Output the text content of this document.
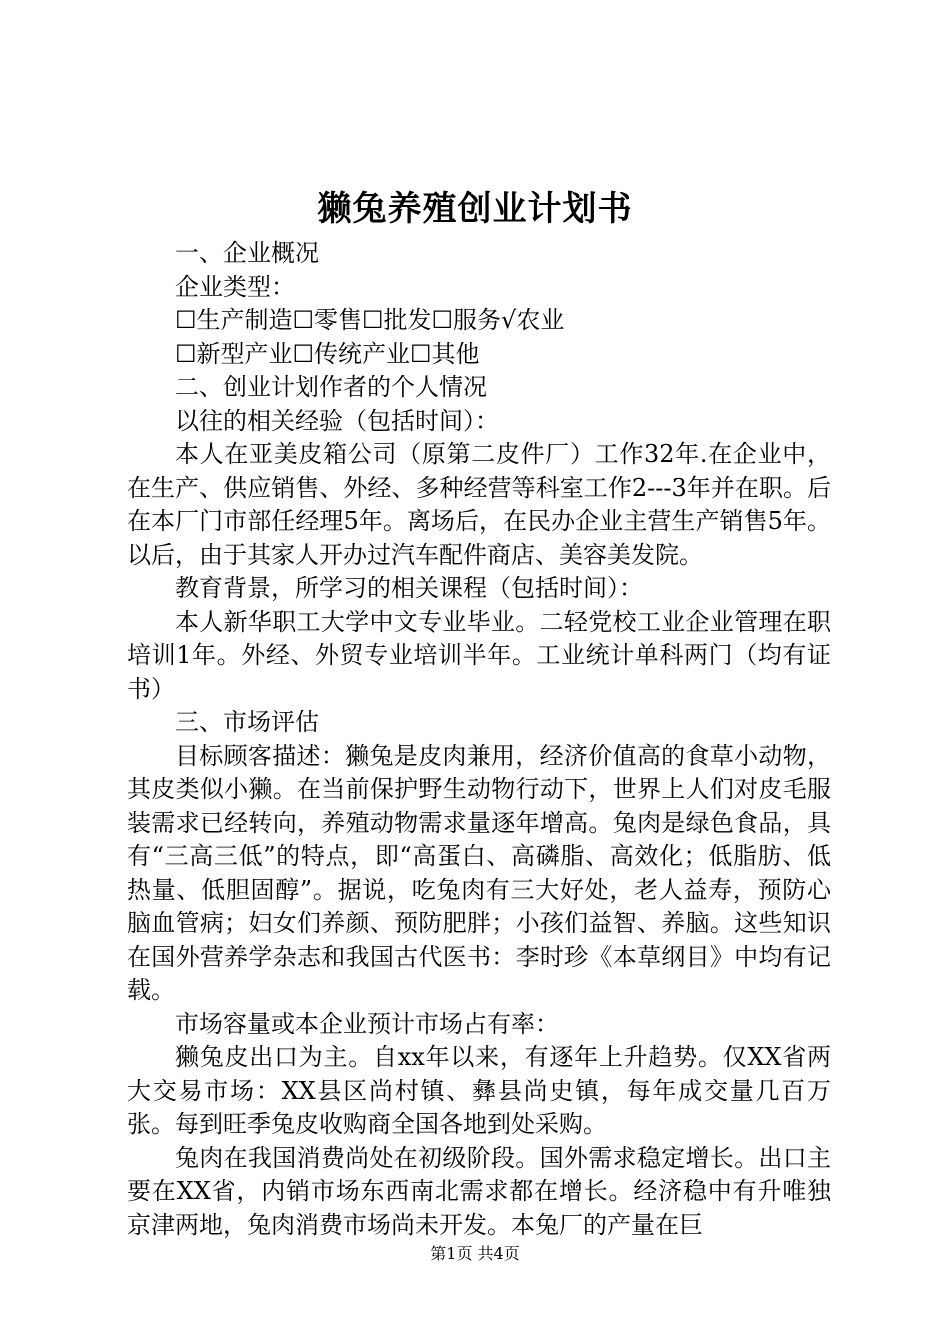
獭兔养殖创业计划书

一、企业概况

企业类型：

☐生产制造☐零售☐批发☐服务√农业

☐新型产业☐传统产业☐其他

二、创业计划作者的个人情况

以往的相关经验（包括时间）：

本人在亚美皮箱公司（原第二皮件厂）工作32年.在企业中，在生产、供应销售、外经、多种经营等科室工作2---3年并在职。后在本厂门市部任经理5年。离场后，在民办企业主营生产销售5年。以后，由于其家人开办过汽车配件商店、美容美发院。

教育背景，所学习的相关课程（包括时间）：

本人新华职工大学中文专业毕业。二轻党校工业企业管理在职培训1年。外经、外贸专业培训半年。工业统计单科两门（均有证书）

三、市场评估

目标顾客描述：獭兔是皮肉兼用，经济价值高的食草小动物，其皮类似小獭。在当前保护野生动物行动下，世界上人们对皮毛服装需求已经转向，养殖动物需求量逐年增高。兔肉是绿色食品，具有“三高三低”的特点，即“高蛋白、高磷脂、高效化；低脂肪、低热量、低胆固醇”。据说，吃兔肉有三大好处，老人益寿，预防心脑血管病；妇女们养颜、预防肥胖；小孩们益智、养脑。这些知识在国外营养学杂志和我国古代医书：李时珍《本草纲目》中均有记载。

市场容量或本企业预计市场占有率：

獭兔皮出口为主。自xx年以来，有逐年上升趋势。仅XX省两大交易市场：XX县区尚村镇、彝县尚史镇，每年成交量几百万张。每到旺季兔皮收购商全国各地到处采购。

兔肉在我国消费尚处在初级阶段。国外需求稳定增长。出口主要在XX省，内销市场东西南北需求都在增长。经济稳中有升唯独京津两地，兔肉消费市场尚未开发。本兔厂的产量在巨

第1页 共4页
